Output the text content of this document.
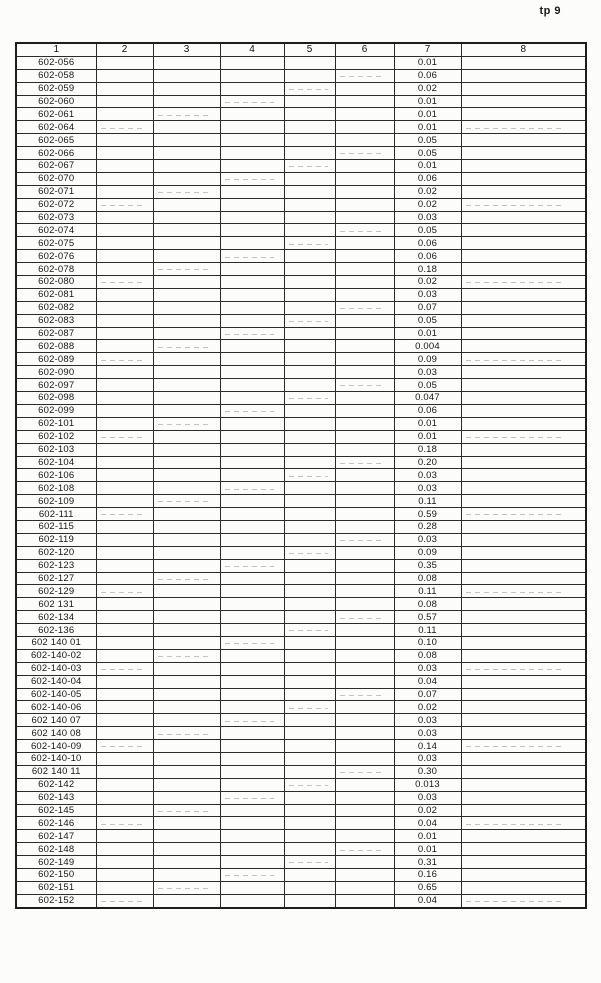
tp 9
1	2	3	4	5	6	7	8
602-056						0.01	
602-058						0.06	
602-059						0.02	
602-060						0.01	
602-061						0.01	
602-064						0.01	
602-065						0.05	
602-066						0.05	
602-067						0.01	
602-070						0.06	
602-071						0.02	
602-072						0.02	
602-073						0.03	
602-074						0.05	
602-075						0.06	
602-076						0.06	
602-078						0.18	
602-080						0.02	
602-081						0.03	
602-082						0.07	
602-083						0.05	
602-087						0.01	
602-088						0.004	
602-089						0.09	
602-090						0.03	
602-097						0.05	
602-098						0.047	
602-099						0.06	
602-101						0.01	
602-102						0.01	
602-103						0.18	
602-104						0.20	
602-106						0.03	
602-108						0.03	
602-109						0.11	
602-111						0.59	
602-115						0.28	
602-119						0.03	
602-120						0.09	
602-123						0.35	
602-127						0.08	
602-129						0.11	
602 131						0.08	
602-134						0.57	
602-136						0.11	
602 140 01						0.10	
602-140-02						0.08	
602-140-03						0.03	
602-140-04						0.04	
602-140-05						0.07	
602-140-06						0.02	
602 140 07						0.03	
602 140 08						0.03	
602-140-09						0.14	
602-140-10						0.03	
602 140 11						0.30	
602-142						0.013	
602-143						0.03	
602-145						0.02	
602-146						0.04	
602-147						0.01	
602-148						0.01	
602-149						0.31	
602-150						0.16	
602-151						0.65	
602-152						0.04	
